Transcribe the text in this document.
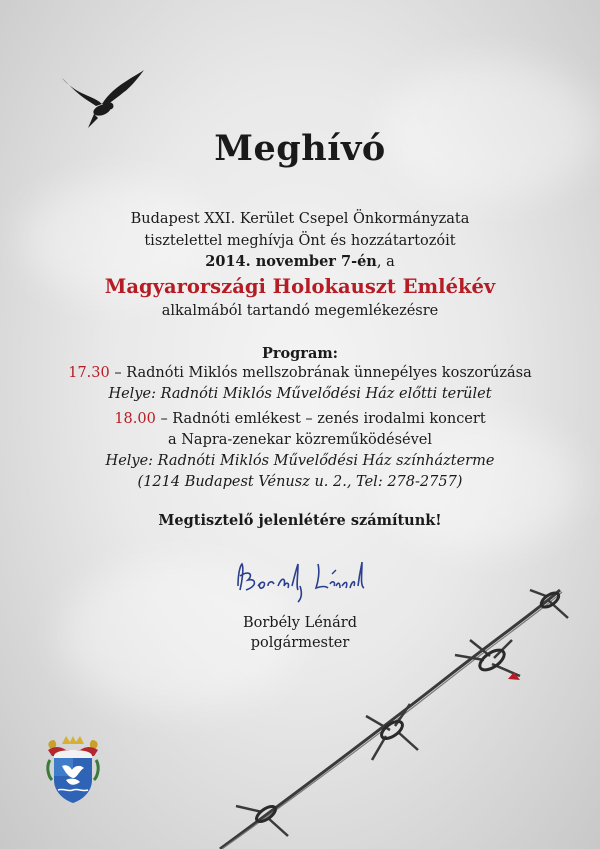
Meghívó
Budapest XXI. Kerület Csepel Önkormányzata
tisztelettel meghívja Önt és hozzátartozóit
2014. november 7-én, a
Magyarországi Holokauszt Emlékév
alkalmából tartandó megemlékezésre
Program:
17.30 – Radnóti Miklós mellszobrának ünnepélyes koszorúzása
Helye: Radnóti Miklós Művelődési Ház előtti terület
18.00 – Radnóti emlékest – zenés irodalmi koncert
a Napra-zenekar közreműködésével
Helye: Radnóti Miklós Művelődési Ház színházterme
(1214 Budapest Vénusz u. 2., Tel: 278-2757)
Megtisztelő jelenlétére számítunk!
Borbély Lénárd
polgármester
